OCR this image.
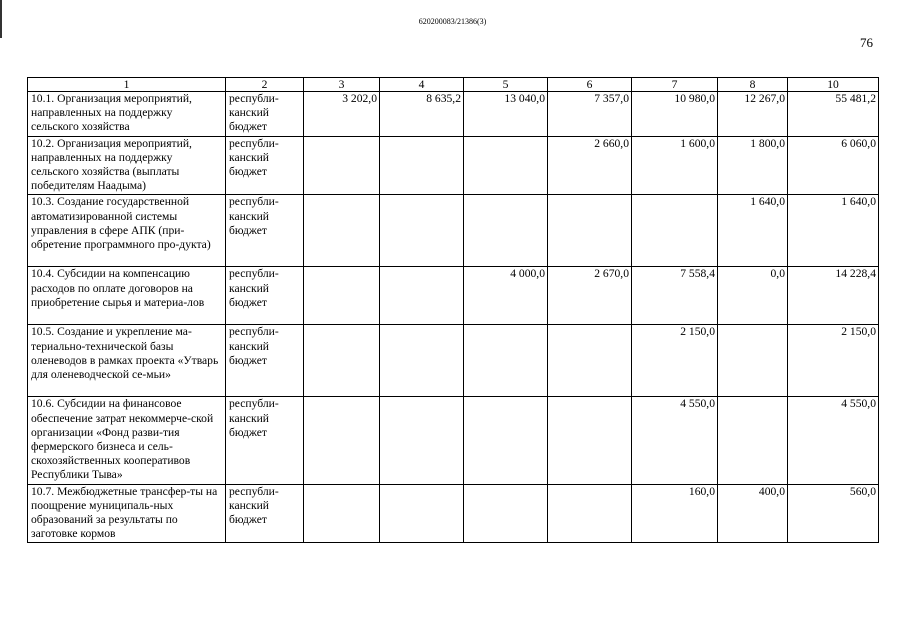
620200083/21386(3)
76
1	2	3	4	5	6	7	8	10
10.1. Организация мероприятий, направленных на поддержку сельского хозяйства	республи-канский бюджет	3 202,0	8 635,2	13 040,0	7 357,0	10 980,0	12 267,0	55 481,2
10.2. Организация мероприятий, направленных на поддержку сельского хозяйства (выплаты победителям Наадыма)	республи-канский бюджет				2 660,0	1 600,0	1 800,0	6 060,0
10.3. Создание государственной автоматизированной системы управления в сфере АПК (при-обретение программного про-дукта)	республи-канский бюджет						1 640,0	1 640,0
10.4. Субсидии на компенсацию расходов по оплате договоров на приобретение сырья и материа-лов	республи-канский бюджет			4 000,0	2 670,0	7 558,4	0,0	14 228,4
10.5. Создание и укрепление ма-териально-технической базы оленеводов в рамках проекта «Утварь для оленеводческой се-мьи»	республи-канский бюджет					2 150,0		2 150,0
10.6. Субсидии на финансовое обеспечение затрат некоммерче-ской организации «Фонд разви-тия фермерского бизнеса и сель-скохозяйственных кооперативов Республики Тыва»	республи-канский бюджет					4 550,0		4 550,0
10.7. Межбюджетные трансфер-ты на поощрение муниципаль-ных образований за результаты по заготовке кормов	республи-канский бюджет					160,0	400,0	560,0
